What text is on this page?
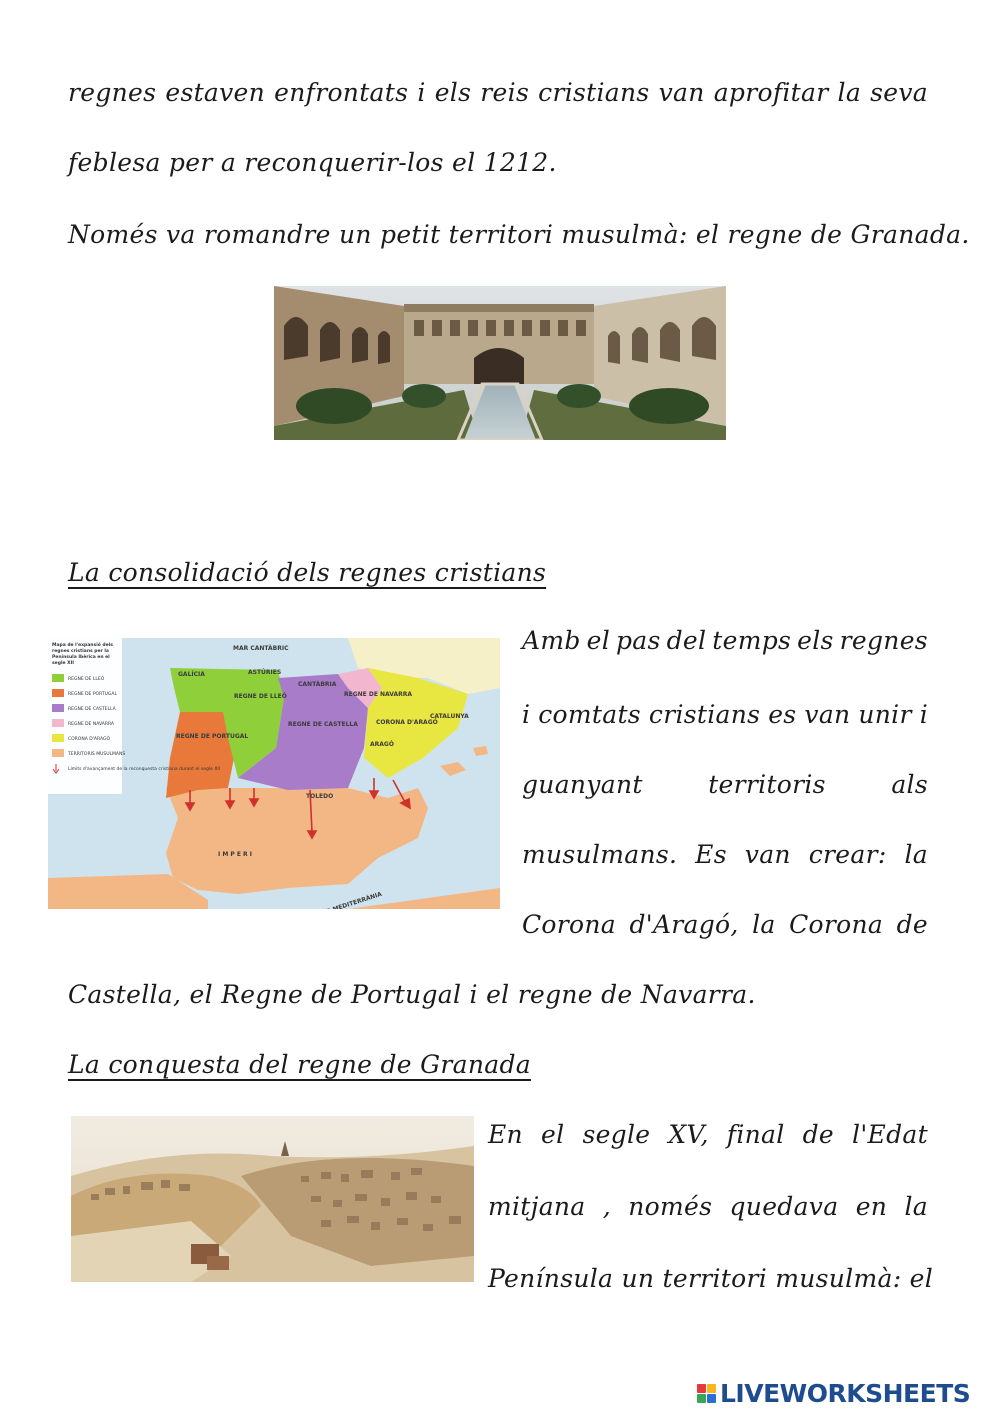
regnes estaven enfrontats i els reis cristians van aprofitar la seva
feblesa per a reconquerir-los el 1212.
Només va romandre un petit territori musulmà: el regne de Granada.
La consolidació dels regnes cristians
Mapa de l'expansió dels regnes cristians per la Península Ibèrica en el segle XII
REGNE DE LLEÓ
REGNE DE PORTUGAL
REGNE DE CASTELLA
REGNE DE NAVARRA
CORONA D'ARAGÓ
TERRITORIS MUSULMANS
Límits d'avançament de la reconquesta cristiana durant el segle XII
MAR CANTÀBRIC
GALÍCIA	ASTÚRIES
CANTÀBRIA
CATALUNYA
ARAGÓ
TOLEDO
REGNE DE LLEÓ
REGNE DE PORTUGAL
REGNE DE CASTELLA
REGNE DE NAVARRA
CORONA D'ARAGÓ
I M P E R I
Amb el pas del temps els regnes
i comtats cristians es van unir i
guanyant	territoris	als
musulmans. Es van crear: la
Corona d'Aragó, la Corona de
Castella, el Regne de Portugal i el regne de Navarra.
La conquesta del regne de Granada
En el segle XV, final de l'Edat
mitjana , només quedava en la
Península un territori musulmà: el
LIVEWORKSHEETS
